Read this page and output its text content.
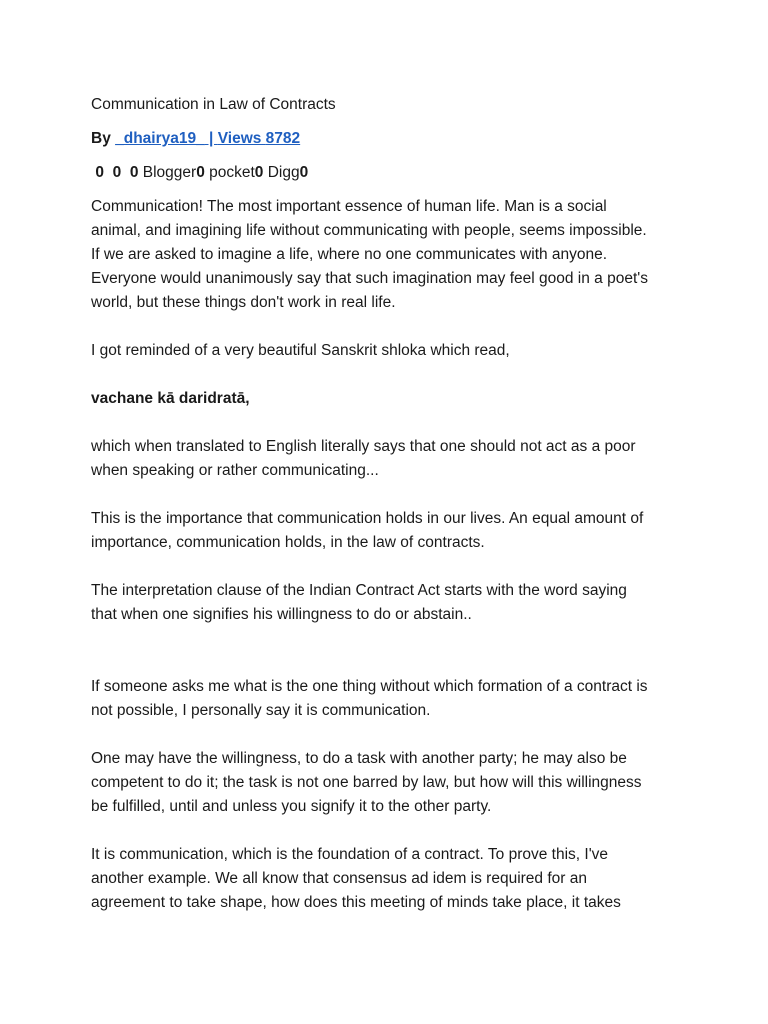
Communication in Law of Contracts

By _dhairya19_ | Views 8782

0 0 0 Blogger0 pocket0 Digg0

Communication! The most important essence of human life. Man is a social

animal, and imagining life without communicating with people, seems impossible.

If we are asked to imagine a life, where no one communicates with anyone.

Everyone would unanimously say that such imagination may feel good in a poet's

world, but these things don't work in real life.

I got reminded of a very beautiful Sanskrit shloka which read,

vachane kā daridratā,

which when translated to English literally says that one should not act as a poor

when speaking or rather communicating...

This is the importance that communication holds in our lives. An equal amount of

importance, communication holds, in the law of contracts.

The interpretation clause of the Indian Contract Act starts with the word saying

that when one signifies his willingness to do or abstain..

If someone asks me what is the one thing without which formation of a contract is

not possible, I personally say it is communication.

One may have the willingness, to do a task with another party; he may also be

competent to do it; the task is not one barred by law, but how will this willingness

be fulfilled, until and unless you signify it to the other party.

It is communication, which is the foundation of a contract. To prove this, I've

another example. We all know that consensus ad idem is required for an

agreement to take shape, how does this meeting of minds take place, it takes
